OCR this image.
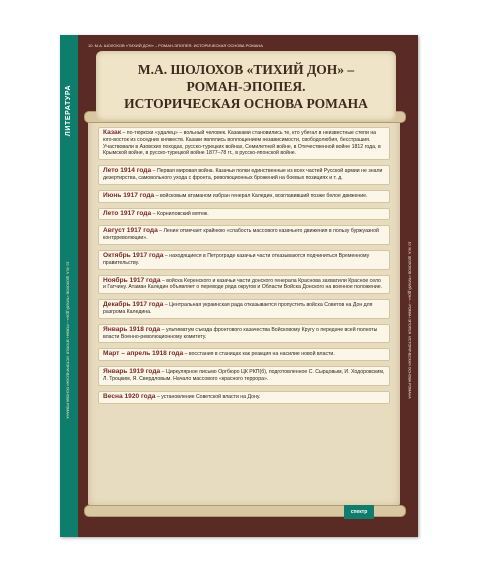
ЛИТЕРАТУРА
10. М.А. ШОЛОХОВ «ТИХИЙ ДОН» – РОМАН-ЭПОПЕЯ. ИСТОРИЧЕСКАЯ ОСНОВА РОМАНА
10. М.А. ШОЛОХОВ «ТИХИЙ ДОН» – РОМАН-ЭПОПЕЯ. ИСТОРИЧЕСКАЯ ОСНОВА РОМАНА	10. М.А. ШОЛОХОВ «ТИХИЙ ДОН» – РОМАН-ЭПОПЕЯ. ИСТОРИЧЕСКАЯ ОСНОВА РОМАНА
М.А. ШОЛОХОВ «ТИХИЙ ДОН» –
РОМАН-ЭПОПЕЯ.
ИСТОРИЧЕСКАЯ ОСНОВА РОМАНА
Казак – по-тюркски «удалец» – вольный человек. Казаками становились те, кто убегал в неизвестные степи на юго-восток из соседних княжеств. Казаки являлись воплощением независимости, свободолюбия, бесстрашия. Участвовали в Азовских походах, русско-турецких войнах, Семилетней войне, в Отечественной войне 1812 года, в Крымской войне, в русско-турецкой войне 1877–78 гг., в русско-японской войне.
Лето 1914 года – Первая мировая война. Казачьи полки единственные из всех частей Русской армии не знали дезертирства, самовольного ухода с фронта, революционных брожений на боевых позициях и т. д.
Июнь 1917 года – войсковым атаманом избран генерал Каледин, возглавивший позже белое движение.
Лето 1917 года – Корниловский мятеж.
Август 1917 года – Ленин отмечает крайнюю «слабость массового казачьего движения в пользу буржуазной контрреволюции».
Октябрь 1917 года – находящиеся в Петрограде казачьи части отказываются подчиниться Временному правительству.
Ноябрь 1917 года – войска Керенского и казачьи части донского генерала Краснова захватили Красное село и Гатчину. Атаман Каледин объявляет о переводе ряда округов и Области Войска Донского на военное положение.
Декабрь 1917 года – Центральная украинская рада отказывается пропустить войска Советов на Дон для разгрома Каледина.
Январь 1918 года – ультиматум съезда фронтового казачества Войсковому Кругу о передаче всей полноты власти Военно-революционному комитету.
Март – апрель 1918 года – восстания в станицах как реакция на насилие новой власти.
Январь 1919 года – Циркулярное письмо Оргбюро ЦК РКП(б), подготовленное С. Сырцовым, И. Ходоровским, Л. Троцким, Я. Свердловым. Начало массового «красного террора».
Весна 1920 года – установление Советской власти на Дону.
спектр
